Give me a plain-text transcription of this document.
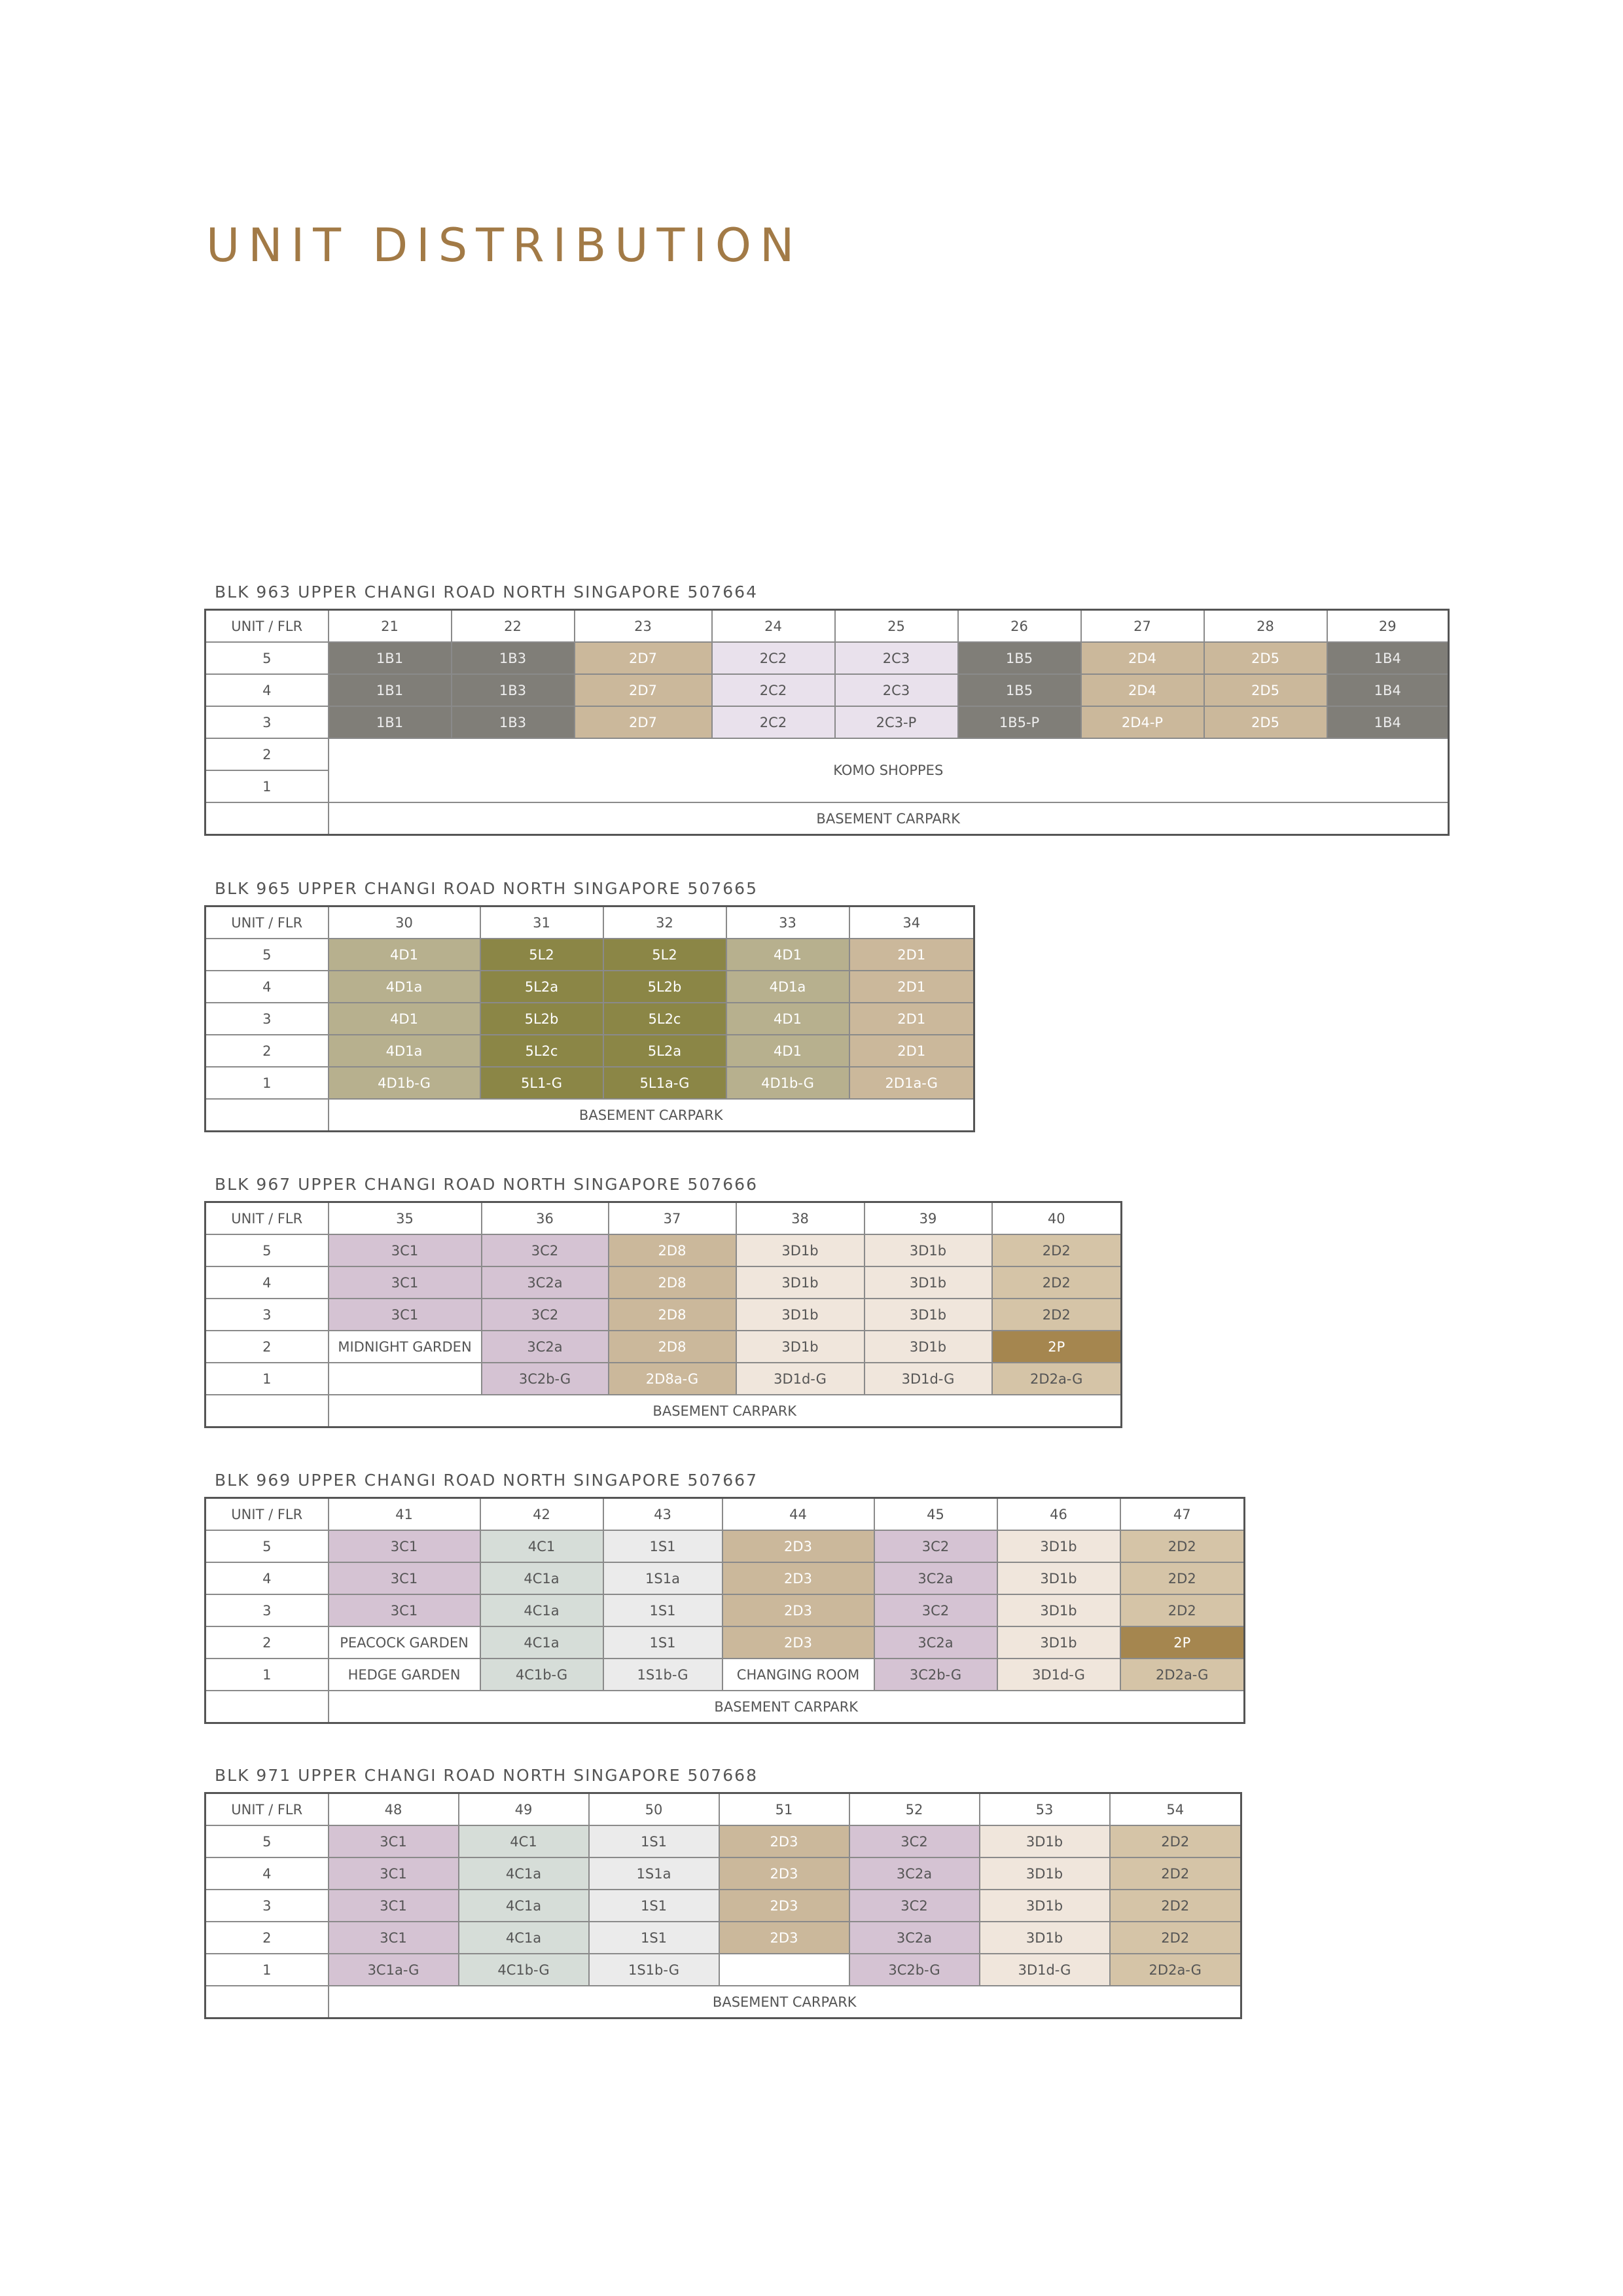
UNIT DISTRIBUTION
BLK 963 UPPER CHANGI ROAD NORTH SINGAPORE 507664
UNIT / FLR	21	22	23	24	25	26	27	28	29
5	1B1	1B3	2D7	2C2	2C3	1B5	2D4	2D5	1B4
4	1B1	1B3	2D7	2C2	2C3	1B5	2D4	2D5	1B4
3	1B1	1B3	2D7	2C2	2C3-P	1B5-P	2D4-P	2D5	1B4
2	KOMO SHOPPES								
1									
	BASEMENT CARPARK								
BLK 965 UPPER CHANGI ROAD NORTH SINGAPORE 507665
UNIT / FLR	30	31	32	33	34
5	4D1	5L2	5L2	4D1	2D1
4	4D1a	5L2a	5L2b	4D1a	2D1
3	4D1	5L2b	5L2c	4D1	2D1
2	4D1a	5L2c	5L2a	4D1	2D1
1	4D1b-G	5L1-G	5L1a-G	4D1b-G	2D1a-G
	BASEMENT CARPARK				
BLK 967 UPPER CHANGI ROAD NORTH SINGAPORE 507666
UNIT / FLR	35	36	37	38	39	40
5	3C1	3C2	2D8	3D1b	3D1b	2D2
4	3C1	3C2a	2D8	3D1b	3D1b	2D2
3	3C1	3C2	2D8	3D1b	3D1b	2D2
2	MIDNIGHT GARDEN	3C2a	2D8	3D1b	3D1b	2P
1		3C2b-G	2D8a-G	3D1d-G	3D1d-G	2D2a-G
	BASEMENT CARPARK					
BLK 969 UPPER CHANGI ROAD NORTH SINGAPORE 507667
UNIT / FLR	41	42	43	44	45	46	47
5	3C1	4C1	1S1	2D3	3C2	3D1b	2D2
4	3C1	4C1a	1S1a	2D3	3C2a	3D1b	2D2
3	3C1	4C1a	1S1	2D3	3C2	3D1b	2D2
2	PEACOCK GARDEN	4C1a	1S1	2D3	3C2a	3D1b	2P
1	HEDGE GARDEN	4C1b-G	1S1b-G	CHANGING ROOM	3C2b-G	3D1d-G	2D2a-G
	BASEMENT CARPARK						
BLK 971 UPPER CHANGI ROAD NORTH SINGAPORE 507668
UNIT / FLR	48	49	50	51	52	53	54
5	3C1	4C1	1S1	2D3	3C2	3D1b	2D2
4	3C1	4C1a	1S1a	2D3	3C2a	3D1b	2D2
3	3C1	4C1a	1S1	2D3	3C2	3D1b	2D2
2	3C1	4C1a	1S1	2D3	3C2a	3D1b	2D2
1	3C1a-G	4C1b-G	1S1b-G		3C2b-G	3D1d-G	2D2a-G
	BASEMENT CARPARK						
